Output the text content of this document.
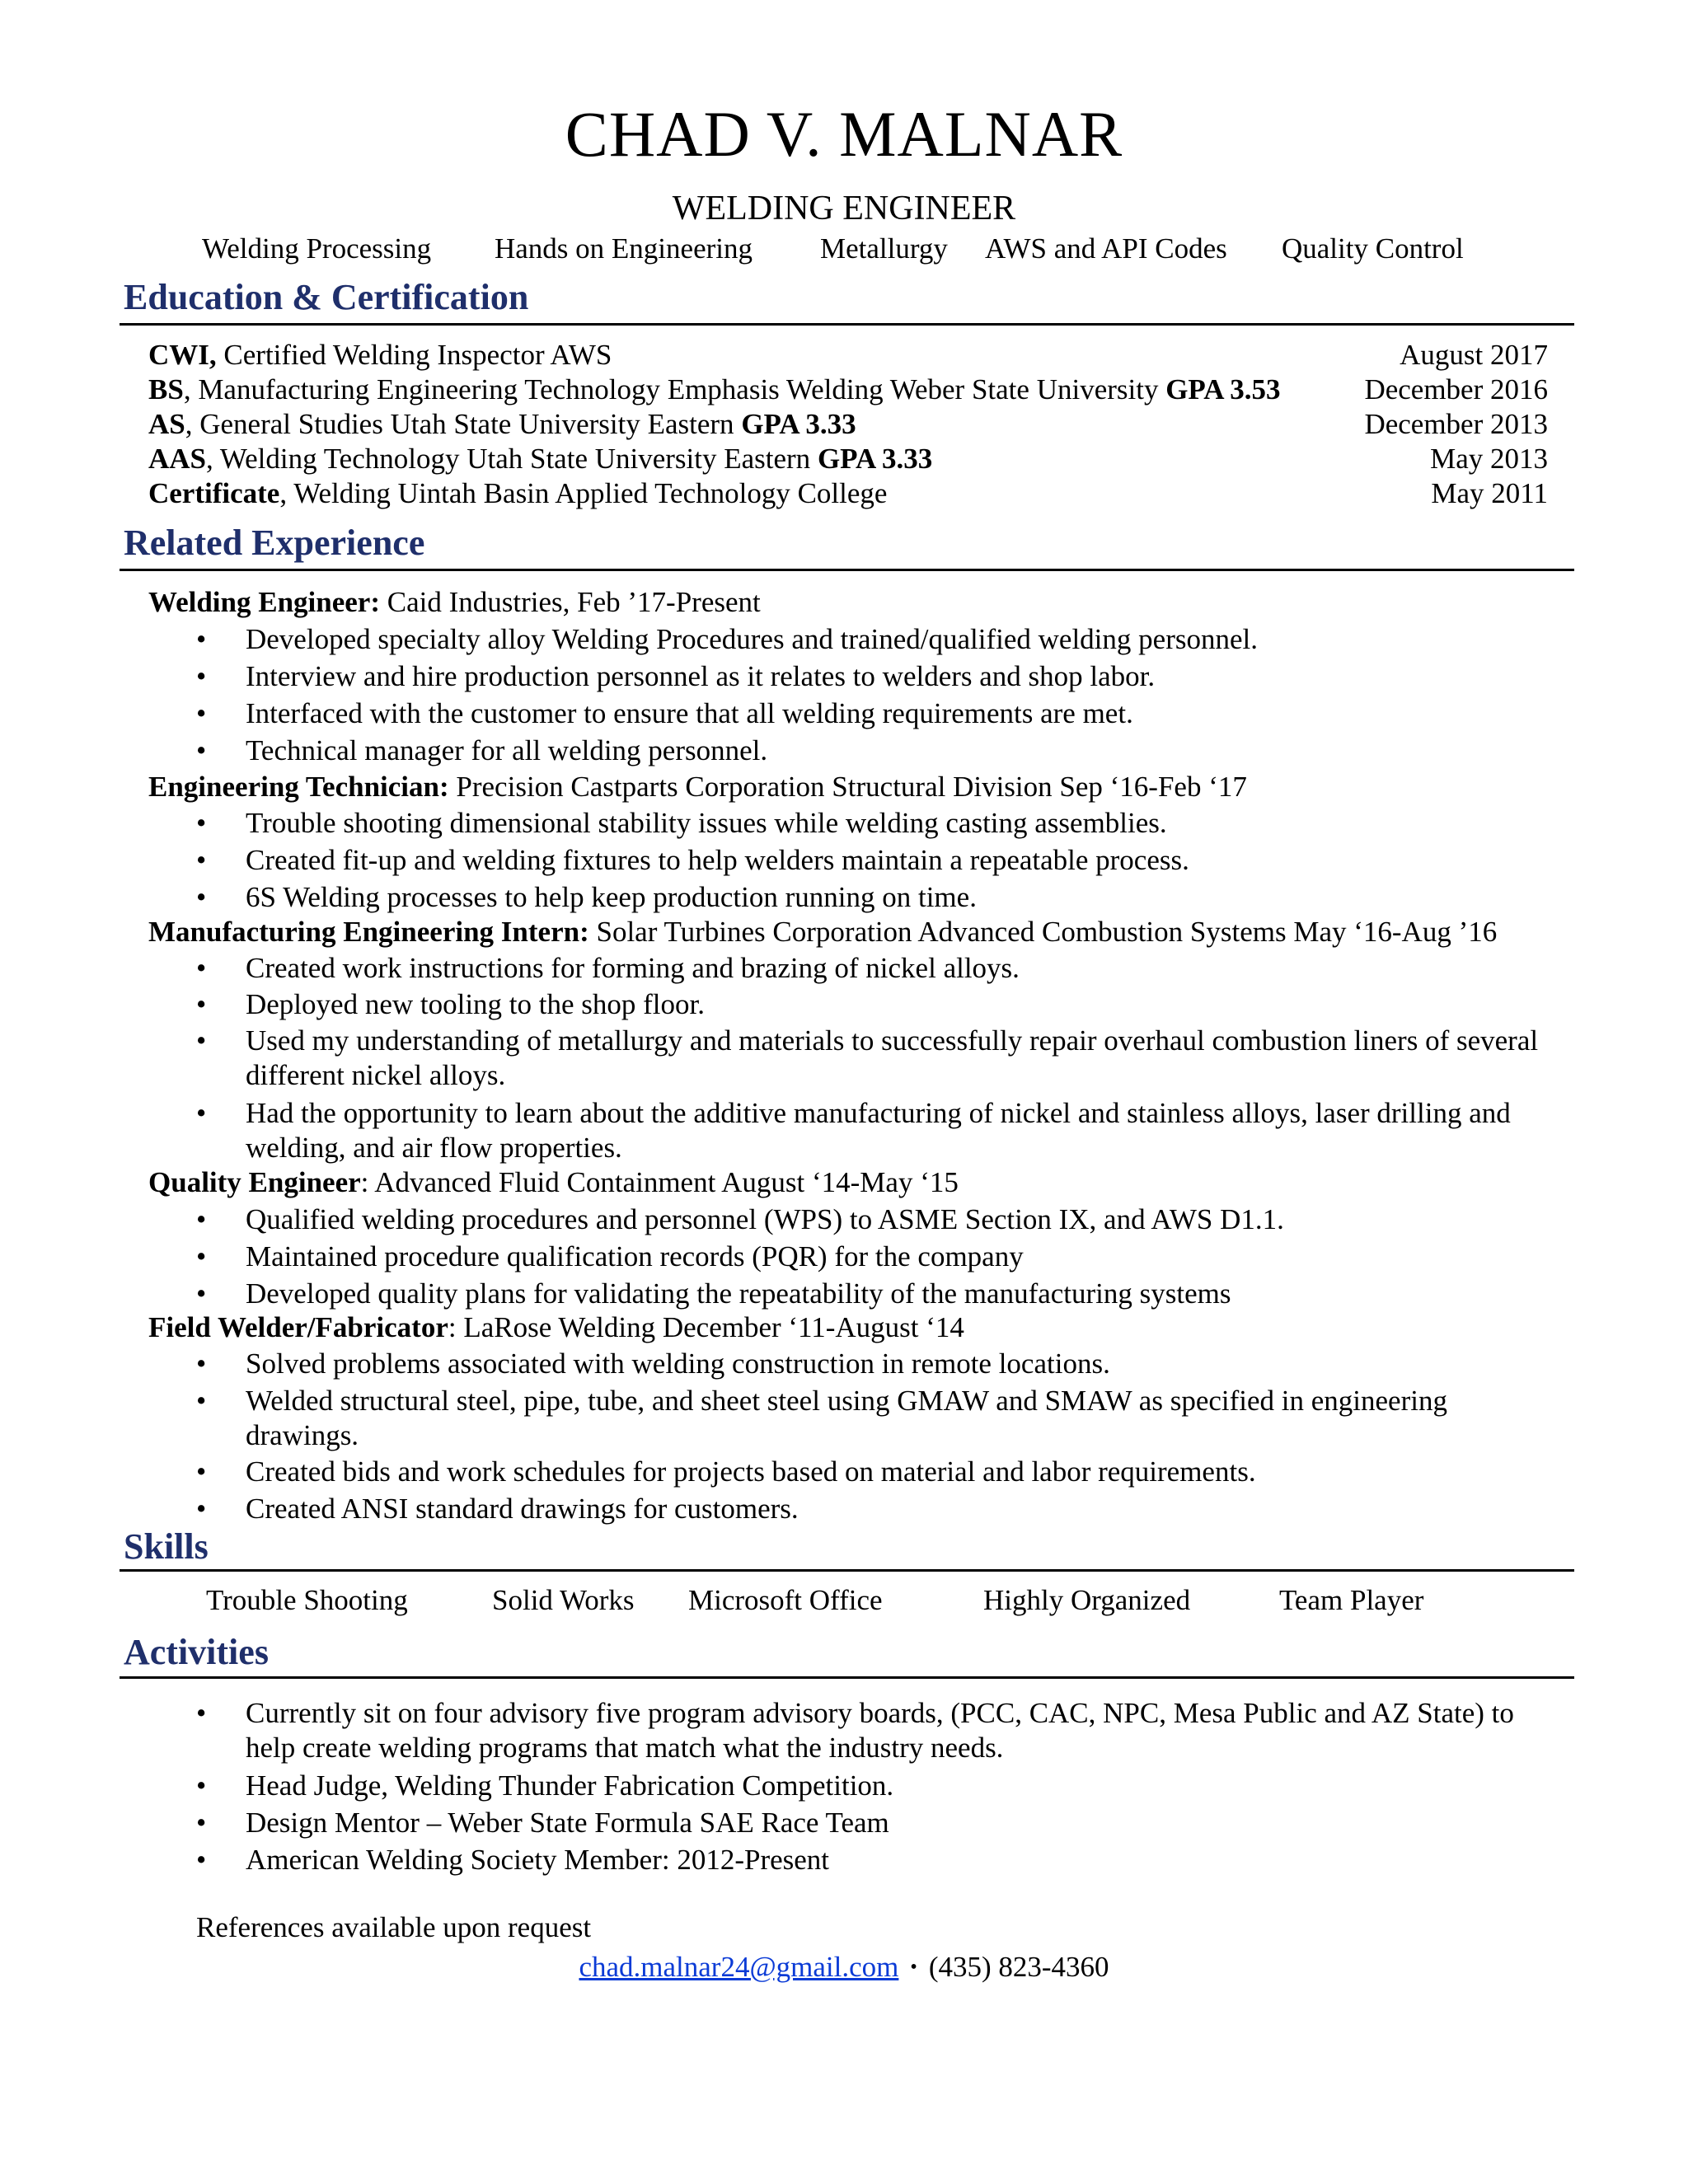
CHAD V. MALNAR
WELDING ENGINEER
Welding Processing Hands on Engineering Metallurgy AWS and API Codes Quality Control
Education & Certification
CWI, Certified Welding Inspector AWS	August 2017
BS, Manufacturing Engineering Technology Emphasis Welding Weber State University GPA 3.53	December 2016
AS, General Studies Utah State University Eastern GPA 3.33	December 2013
AAS, Welding Technology Utah State University Eastern GPA 3.33	May 2013
Certificate, Welding Uintah Basin Applied Technology College	May 2011
Related Experience
Welding Engineer: Caid Industries, Feb ’17-Present
• Developed specialty alloy Welding Procedures and trained/qualified welding personnel.
• Interview and hire production personnel as it relates to welders and shop labor.
• Interfaced with the customer to ensure that all welding requirements are met.
• Technical manager for all welding personnel.
Engineering Technician: Precision Castparts Corporation Structural Division Sep ‘16-Feb ‘17
• Trouble shooting dimensional stability issues while welding casting assemblies.
• Created fit-up and welding fixtures to help welders maintain a repeatable process.
• 6S Welding processes to help keep production running on time.
Manufacturing Engineering Intern: Solar Turbines Corporation Advanced Combustion Systems May ‘16-Aug ’16
• Created work instructions for forming and brazing of nickel alloys.
• Deployed new tooling to the shop floor.
• Used my understanding of metallurgy and materials to successfully repair overhaul combustion liners of several different nickel alloys.
• Had the opportunity to learn about the additive manufacturing of nickel and stainless alloys, laser drilling and welding, and air flow properties.
Quality Engineer: Advanced Fluid Containment August ‘14-May ‘15
• Qualified welding procedures and personnel (WPS) to ASME Section IX, and AWS D1.1.
• Maintained procedure qualification records (PQR) for the company
• Developed quality plans for validating the repeatability of the manufacturing systems
Field Welder/Fabricator: LaRose Welding December ‘11-August ‘14
• Solved problems associated with welding construction in remote locations.
• Welded structural steel, pipe, tube, and sheet steel using GMAW and SMAW as specified in engineering drawings.
• Created bids and work schedules for projects based on material and labor requirements.
• Created ANSI standard drawings for customers.
Skills
Trouble Shooting	Solid Works Microsoft Office	Highly Organized	Team Player
Activities
• Currently sit on four advisory five program advisory boards, (PCC, CAC, NPC, Mesa Public and AZ State) to help create welding programs that match what the industry needs.
• Head Judge, Welding Thunder Fabrication Competition.
• Design Mentor – Weber State Formula SAE Race Team
• American Welding Society Member: 2012-Present
References available upon request
chad.malnar24@gmail.com • (435) 823-4360
